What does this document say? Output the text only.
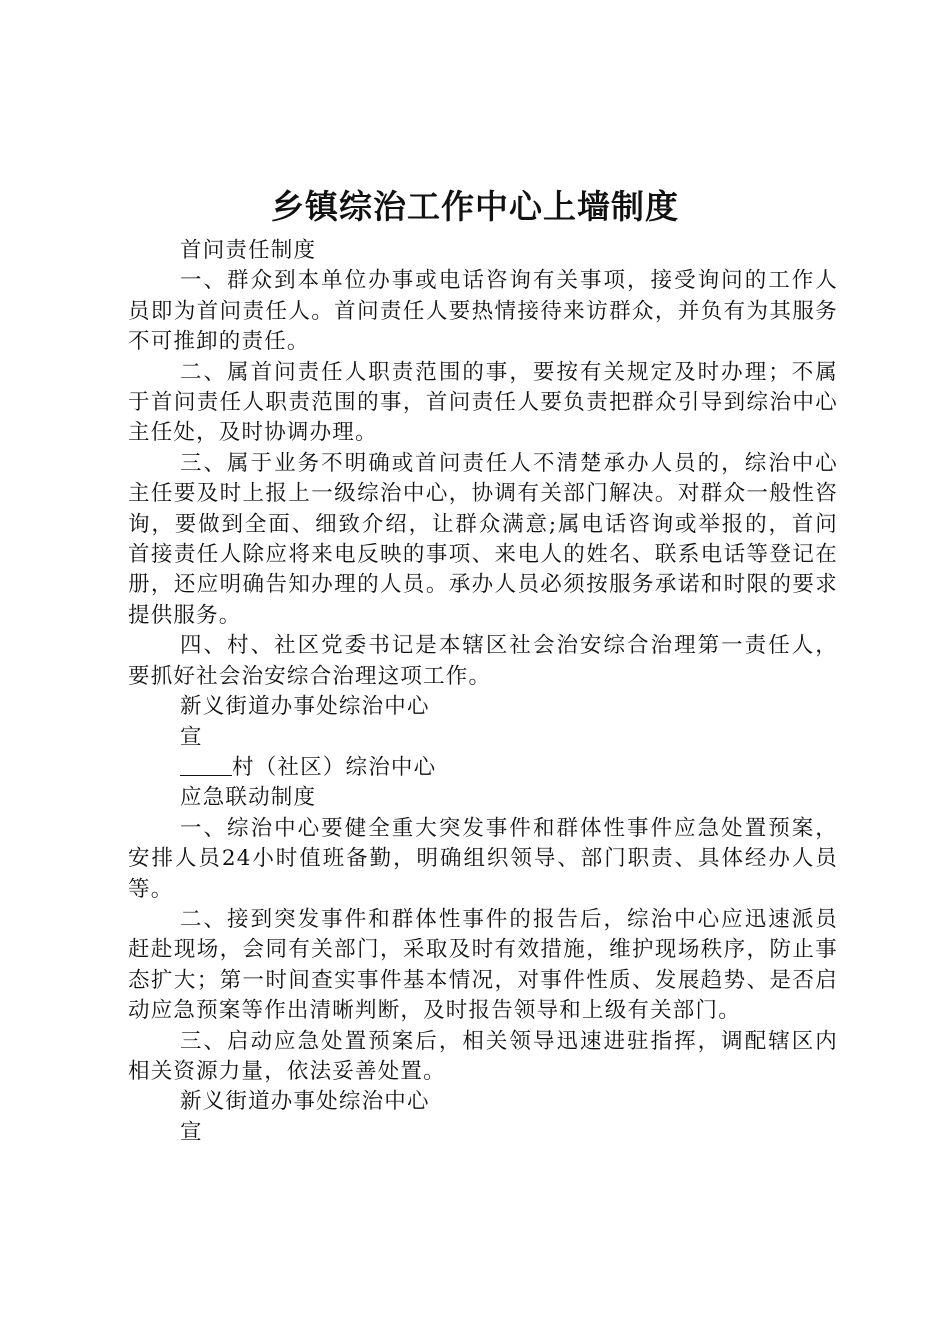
乡镇综治工作中心上墙制度

首问责任制度

一、群众到本单位办事或电话咨询有关事项，接受询问的工作人员即为首问责任人。首问责任人要热情接待来访群众，并负有为其服务不可推卸的责任。

二、属首问责任人职责范围的事，要按有关规定及时办理；不属于首问责任人职责范围的事，首问责任人要负责把群众引导到综治中心主任处，及时协调办理。

三、属于业务不明确或首问责任人不清楚承办人员的，综治中心主任要及时上报上一级综治中心，协调有关部门解决。对群众一般性咨询，要做到全面、细致介绍，让群众满意;属电话咨询或举报的，首问首接责任人除应将来电反映的事项、来电人的姓名、联系电话等登记在册，还应明确告知办理的人员。承办人员必须按服务承诺和时限的要求提供服务。

四、村、社区党委书记是本辖区社会治安综合治理第一责任人，要抓好社会治安综合治理这项工作。

新义街道办事处综治中心

宣

村（社区）综治中心

应急联动制度

一、综治中心要健全重大突发事件和群体性事件应急处置预案，安排人员24小时值班备勤，明确组织领导、部门职责、具体经办人员等。

二、接到突发事件和群体性事件的报告后，综治中心应迅速派员赶赴现场，会同有关部门，采取及时有效措施，维护现场秩序，防止事态扩大；第一时间查实事件基本情况，对事件性质、发展趋势、是否启动应急预案等作出清晰判断，及时报告领导和上级有关部门。

三、启动应急处置预案后，相关领导迅速进驻指挥，调配辖区内相关资源力量，依法妥善处置。

新义街道办事处综治中心

宣
